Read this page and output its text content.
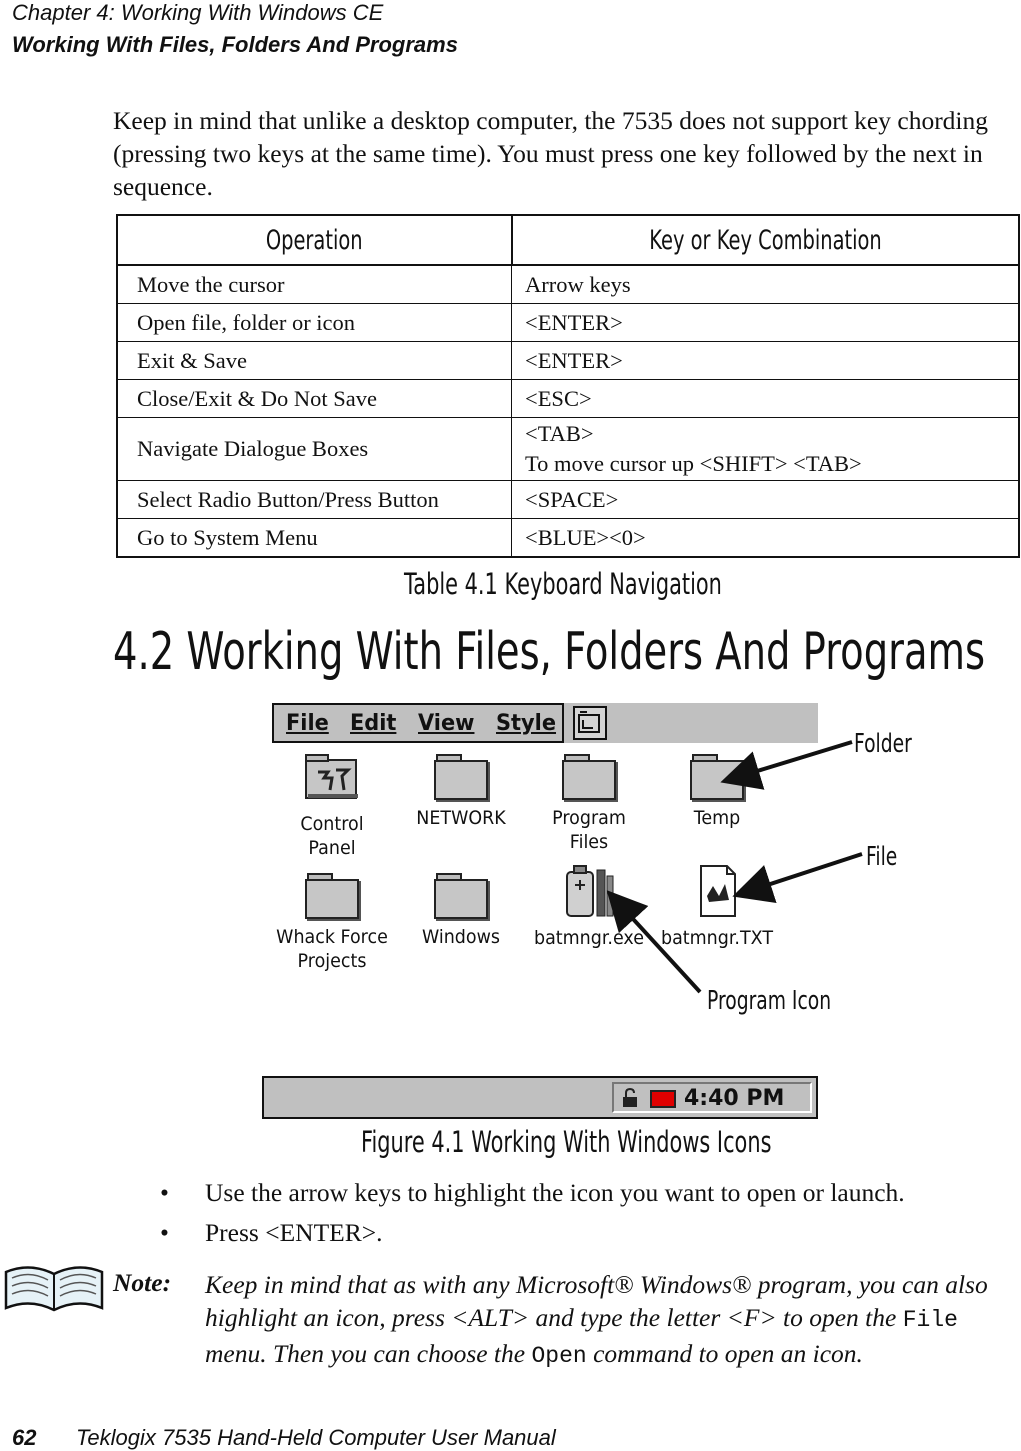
Chapter 4: Working With Windows CE
Working With Files, Folders And Programs

Keep in mind that unlike a desktop computer, the 7535 does not support key chording (pressing two keys at the same time). You must press one key followed by the next in sequence.

Operation	Key or Key Combination
Move the cursor	Arrow keys
Open file, folder or icon	<ENTER>
Exit & Save	<ENTER>
Close/Exit & Do Not Save	<ESC>
Navigate Dialogue Boxes	<TAB>
To move cursor up <SHIFT> <TAB>

Select Radio Button/Press Button	<SPACE>
Go to System Menu	<BLUE><0>
Table 4.1 Keyboard Navigation
4.2 Working With Files, Folders And Programs
File Edit View Style
Control
Panel
NETWORK	Program
Files
Temp
Whack Force
Projects
Windows	batmngr.exe batmngr.TXT
Folder
File
Program Icon
4:40 PM
Figure 4.1 Working With Windows Icons
• Use the arrow keys to highlight the icon you want to open or launch.
• Press <ENTER>.
Note: Keep in mind that as with any Microsoft® Windows® program, you can also highlight an icon, press <ALT> and type the letter <F> to open the File menu. Then you can choose the Open command to open an icon.
62 Teklogix 7535 Hand-Held Computer User Manual
